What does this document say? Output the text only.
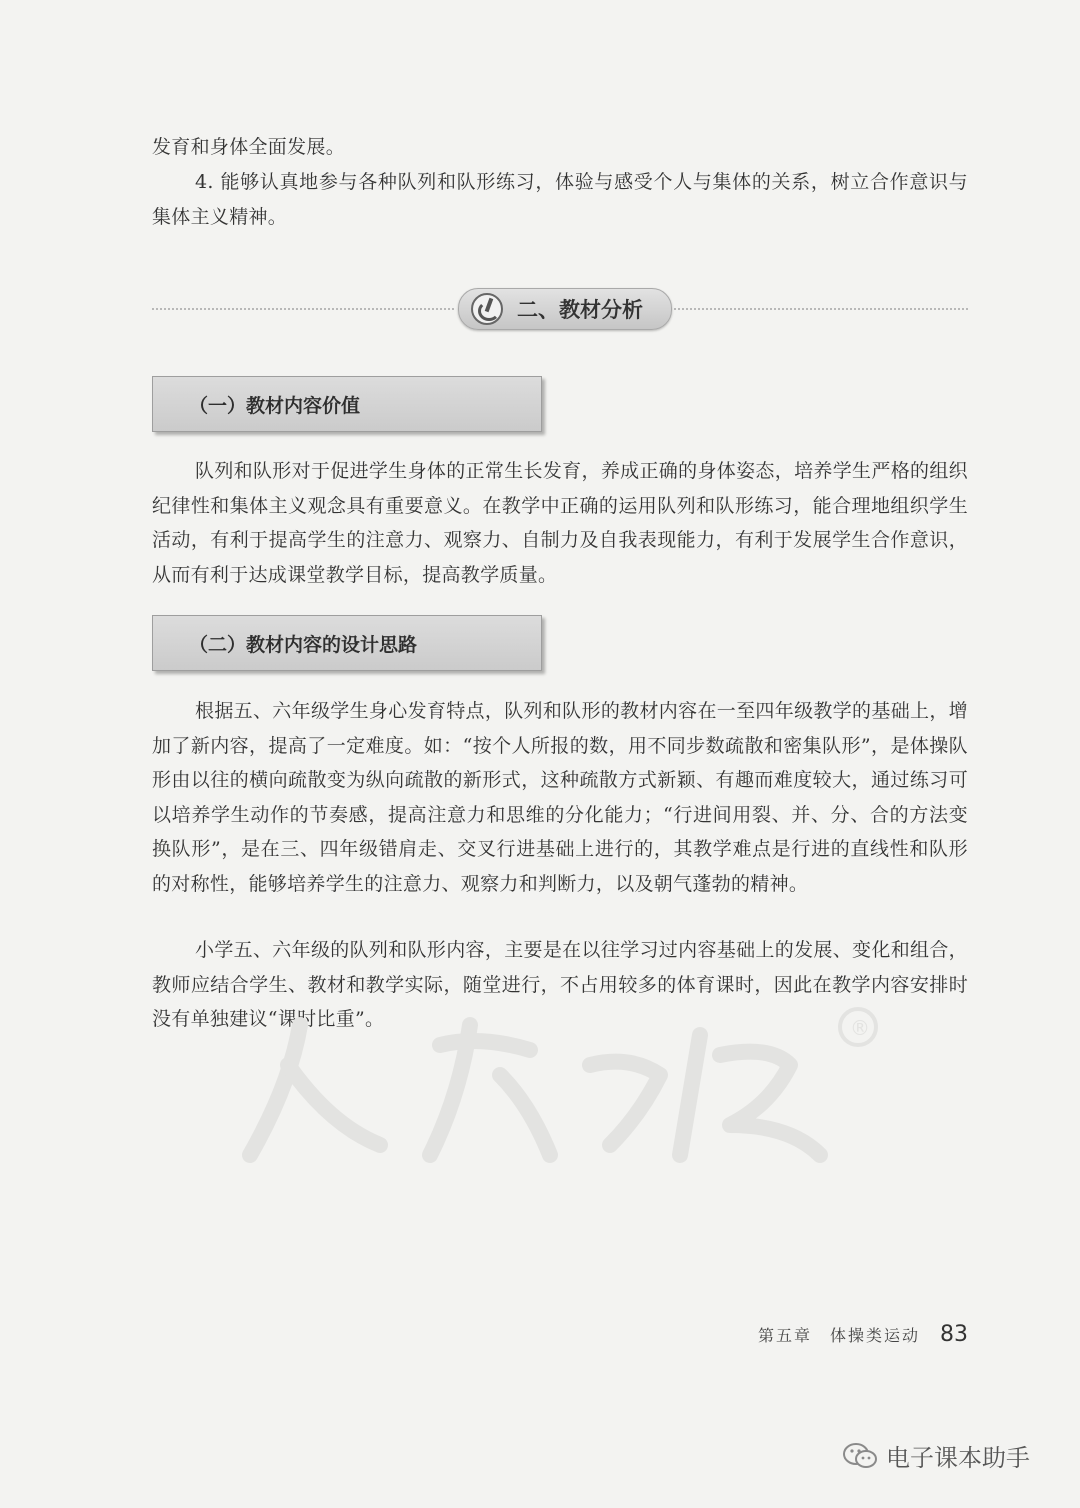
发育和身体全面发展。

4. 能够认真地参与各种队列和队形练习，体验与感受个人与集体的关系，树立合作意识与集体主义精神。

二、教材分析
（一）教材内容价值

队列和队形对于促进学生身体的正常生长发育，养成正确的身体姿态，培养学生严格的组织纪律性和集体主义观念具有重要意义。在教学中正确的运用队列和队形练习，能合理地组织学生活动，有利于提高学生的注意力、观察力、自制力及自我表现能力，有利于发展学生合作意识，从而有利于达成课堂教学目标，提高教学质量。

（二）教材内容的设计思路

根据五、六年级学生身心发育特点，队列和队形的教材内容在一至四年级教学的基础上，增加了新内容，提高了一定难度。如：“按个人所报的数，用不同步数疏散和密集队形”，是体操队形由以往的横向疏散变为纵向疏散的新形式，这种疏散方式新颖、有趣而难度较大，通过练习可以培养学生动作的节奏感，提高注意力和思维的分化能力；“行进间用裂、并、分、合的方法变换队形”，是在三、四年级错肩走、交叉行进基础上进行的，其教学难点是行进的直线性和队形的对称性，能够培养学生的注意力、观察力和判断力，以及朝气蓬勃的精神。

小学五、六年级的队列和队形内容，主要是在以往学习过内容基础上的发展、变化和组合，教师应结合学生、教材和教学实际，随堂进行，不占用较多的体育课时，因此在教学内容安排时没有单独建议“课时比重”。	®
第五章　体操类运动 83
电子课本助手
